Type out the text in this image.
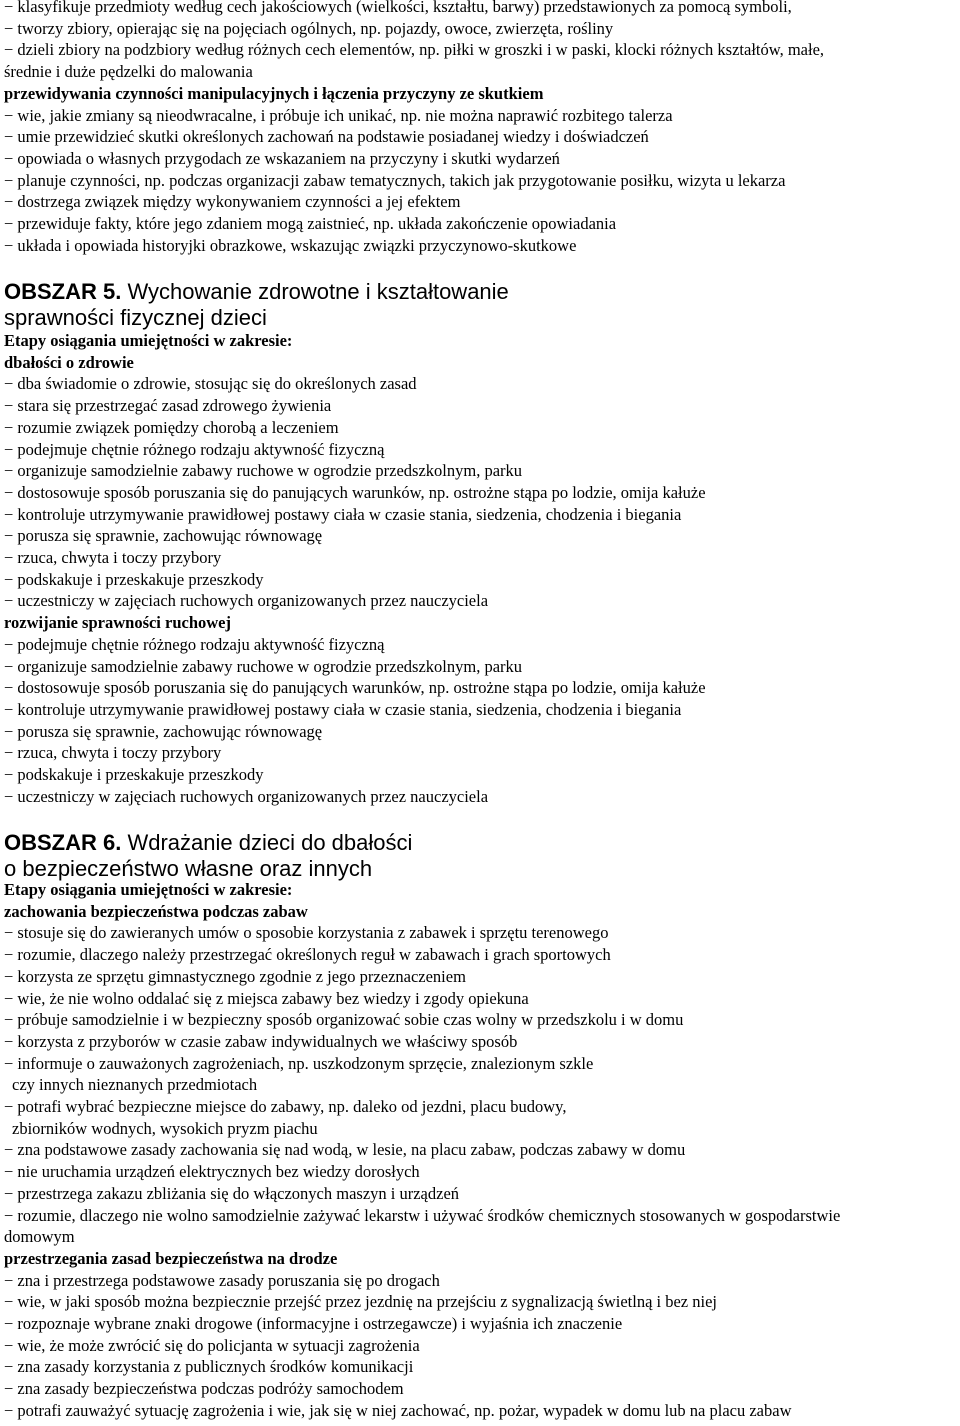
− klasyfikuje przedmioty według cech jakościowych (wielkości, kształtu, barwy) przedstawionych za pomocą symboli,
− tworzy zbiory, opierając się na pojęciach ogólnych, np. pojazdy, owoce, zwierzęta, rośliny
− dzieli zbiory na podzbiory według różnych cech elementów, np. piłki w groszki i w paski, klocki różnych kształtów, małe,
średnie i duże pędzelki do malowania
przewidywania czynności manipulacyjnych i łączenia przyczyny ze skutkiem
− wie, jakie zmiany są nieodwracalne, i próbuje ich unikać, np. nie można naprawić rozbitego talerza
− umie przewidzieć skutki określonych zachowań na podstawie posiadanej wiedzy i doświadczeń
− opowiada o własnych przygodach ze wskazaniem na przyczyny i skutki wydarzeń
− planuje czynności, np. podczas organizacji zabaw tematycznych, takich jak przygotowanie posiłku, wizyta u lekarza
− dostrzega związek między wykonywaniem czynności a jej efektem
− przewiduje fakty, które jego zdaniem mogą zaistnieć, np. układa zakończenie opowiadania
− układa i opowiada historyjki obrazkowe, wskazując związki przyczynowo-skutkowe
OBSZAR 5. Wychowanie zdrowotne i kształtowanie
sprawności fizycznej dzieci
Etapy osiągania umiejętności w zakresie:
dbałości o zdrowie
− dba świadomie o zdrowie, stosując się do określonych zasad
− stara się przestrzegać zasad zdrowego żywienia
− rozumie związek pomiędzy chorobą a leczeniem
− podejmuje chętnie różnego rodzaju aktywność fizyczną
− organizuje samodzielnie zabawy ruchowe w ogrodzie przedszkolnym, parku
− dostosowuje sposób poruszania się do panujących warunków, np. ostrożne stąpa po lodzie, omija kałuże
− kontroluje utrzymywanie prawidłowej postawy ciała w czasie stania, siedzenia, chodzenia i biegania
− porusza się sprawnie, zachowując równowagę
− rzuca, chwyta i toczy przybory
− podskakuje i przeskakuje przeszkody
− uczestniczy w zajęciach ruchowych organizowanych przez nauczyciela
rozwijanie sprawności ruchowej
− podejmuje chętnie różnego rodzaju aktywność fizyczną
− organizuje samodzielnie zabawy ruchowe w ogrodzie przedszkolnym, parku
− dostosowuje sposób poruszania się do panujących warunków, np. ostrożne stąpa po lodzie, omija kałuże
− kontroluje utrzymywanie prawidłowej postawy ciała w czasie stania, siedzenia, chodzenia i biegania
− porusza się sprawnie, zachowując równowagę
− rzuca, chwyta i toczy przybory
− podskakuje i przeskakuje przeszkody
− uczestniczy w zajęciach ruchowych organizowanych przez nauczyciela
OBSZAR 6. Wdrażanie dzieci do dbałości
o bezpieczeństwo własne oraz innych
Etapy osiągania umiejętności w zakresie:
zachowania bezpieczeństwa podczas zabaw
− stosuje się do zawieranych umów o sposobie korzystania z zabawek i sprzętu terenowego
− rozumie, dlaczego należy przestrzegać określonych reguł w zabawach i grach sportowych
− korzysta ze sprzętu gimnastycznego zgodnie z jego przeznaczeniem
− wie, że nie wolno oddalać się z miejsca zabawy bez wiedzy i zgody opiekuna
− próbuje samodzielnie i w bezpieczny sposób organizować sobie czas wolny w przedszkolu i w domu
− korzysta z przyborów w czasie zabaw indywidualnych we właściwy sposób
− informuje o zauważonych zagrożeniach, np. uszkodzonym sprzęcie, znalezionym szkle
czy innych nieznanych przedmiotach
− potrafi wybrać bezpieczne miejsce do zabawy, np. daleko od jezdni, placu budowy,
zbiorników wodnych, wysokich pryzm piachu
− zna podstawowe zasady zachowania się nad wodą, w lesie, na placu zabaw, podczas zabawy w domu
− nie uruchamia urządzeń elektrycznych bez wiedzy dorosłych
− przestrzega zakazu zbliżania się do włączonych maszyn i urządzeń
− rozumie, dlaczego nie wolno samodzielnie zażywać lekarstw i używać środków chemicznych stosowanych w gospodarstwie
domowym
przestrzegania zasad bezpieczeństwa na drodze
− zna i przestrzega podstawowe zasady poruszania się po drogach
− wie, w jaki sposób można bezpiecznie przejść przez jezdnię na przejściu z sygnalizacją świetlną i bez niej
− rozpoznaje wybrane znaki drogowe (informacyjne i ostrzegawcze) i wyjaśnia ich znaczenie
− wie, że może zwrócić się do policjanta w sytuacji zagrożenia
− zna zasady korzystania z publicznych środków komunikacji
− zna zasady bezpieczeństwa podczas podróży samochodem
− potrafi zauważyć sytuację zagrożenia i wie, jak się w niej zachować, np. pożar, wypadek w domu lub na placu zabaw
